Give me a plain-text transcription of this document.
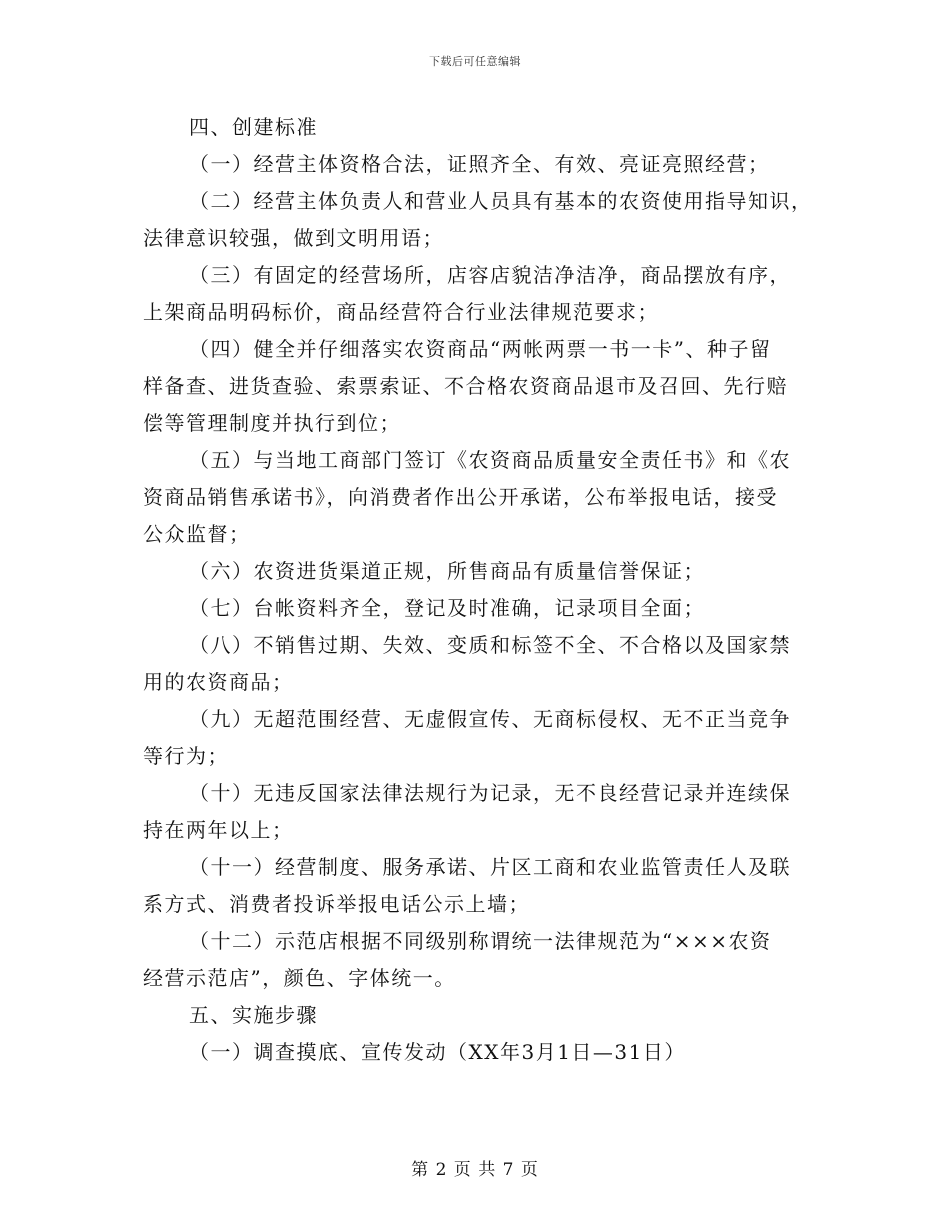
下载后可任意编辑
四、创建标准
（一）经营主体资格合法，证照齐全、有效、亮证亮照经营；
（二）经营主体负责人和营业人员具有基本的农资使用指导知识，
法律意识较强，做到文明用语；
（三）有固定的经营场所，店容店貌洁净洁净，商品摆放有序，
上架商品明码标价，商品经营符合行业法律规范要求；
（四）健全并仔细落实农资商品“两帐两票一书一卡”、种子留
样备查、进货查验、索票索证、不合格农资商品退市及召回、先行赔
偿等管理制度并执行到位；
（五）与当地工商部门签订《农资商品质量安全责任书》和《农
资商品销售承诺书》，向消费者作出公开承诺，公布举报电话，接受
公众监督；
（六）农资进货渠道正规，所售商品有质量信誉保证；
（七）台帐资料齐全，登记及时准确，记录项目全面；
（八）不销售过期、失效、变质和标签不全、不合格以及国家禁
用的农资商品；
（九）无超范围经营、无虚假宣传、无商标侵权、无不正当竞争
等行为；
（十）无违反国家法律法规行为记录，无不良经营记录并连续保
持在两年以上；
（十一）经营制度、服务承诺、片区工商和农业监管责任人及联
系方式、消费者投诉举报电话公示上墙；
（十二）示范店根据不同级别称谓统一法律规范为“×××农资
经营示范店”，颜色、字体统一。
五、实施步骤
（一）调查摸底、宣传发动（XX年3月1日—31日）
第 2 页 共 7 页
